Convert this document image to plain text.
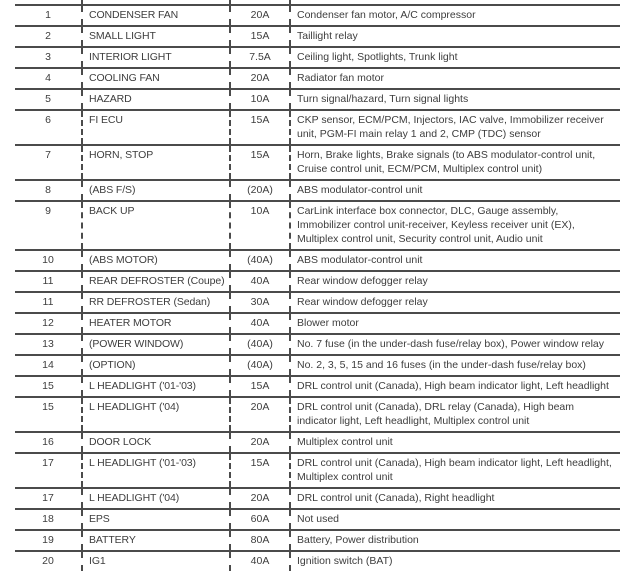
1	CONDENSER FAN	20A	Condenser fan motor, A/C compressor
2	SMALL LIGHT	15A	Taillight relay
3	INTERIOR LIGHT	7.5A	Ceiling light, Spotlights, Trunk light
4	COOLING FAN	20A	Radiator fan motor
5	HAZARD	10A	Turn signal/hazard, Turn signal lights
6	FI ECU	15A	CKP sensor, ECM/PCM, Injectors, IAC valve, Immobilizer receiver unit, PGM-FI main relay 1 and 2, CMP (TDC) sensor
7	HORN, STOP	15A	Horn, Brake lights, Brake signals (to ABS modulator-control unit, Cruise control unit, ECM/PCM, Multiplex control unit)
8	(ABS F/S)	(20A)	ABS modulator-control unit
9	BACK UP	10A	CarLink interface box connector, DLC, Gauge assembly, Immobilizer control unit-receiver, Keyless receiver unit (EX), Multiplex control unit, Security control unit, Audio unit
10	(ABS MOTOR)	(40A)	ABS modulator-control unit
11	REAR DEFROSTER (Coupe)	40A	Rear window defogger relay
11	RR DEFROSTER (Sedan)	30A	Rear window defogger relay
12	HEATER MOTOR	40A	Blower motor
13	(POWER WINDOW)	(40A)	No. 7 fuse (in the under-dash fuse/relay box), Power window relay
14	(OPTION)	(40A)	No. 2, 3, 5, 15 and 16 fuses (in the under-dash fuse/relay box)
15	L HEADLIGHT ('01-'03)	15A	DRL control unit (Canada), High beam indicator light, Left headlight
15	L HEADLIGHT ('04)	20A	DRL control unit (Canada), DRL relay (Canada), High beam indicator light, Left headlight, Multiplex control unit
16	DOOR LOCK	20A	Multiplex control unit
17	L HEADLIGHT ('01-'03)	15A	DRL control unit (Canada), High beam indicator light, Left headlight, Multiplex control unit
17	L HEADLIGHT ('04)	20A	DRL control unit (Canada), Right headlight
18	EPS	60A	Not used
19	BATTERY	80A	Battery, Power distribution
20	IG1	40A	Ignition switch (BAT)
